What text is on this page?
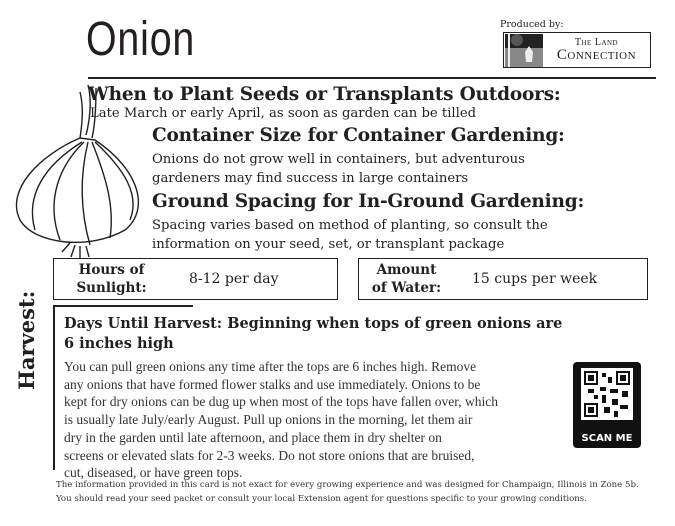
Onion	Produced by:
The Land
Connection
When to Plant Seeds or Transplants Outdoors:
Late March or early April, as soon as garden can be tilled
Container Size for Container Gardening:
Onions do not grow well in containers, but adventurous
gardeners may find success in large containers
Ground Spacing for In-Ground Gardening:
Spacing varies based on method of planting, so consult the
information on your seed, set, or transplant package
Hours of
Sunlight:
8-12 per day
Amount
of Water:
15 cups per week
Harvest: Days Until Harvest: Beginning when tops of green onions are
6 inches high
You can pull green onions any time after the tops are 6 inches high. Remove
any onions that have formed flower stalks and use immediately. Onions to be
kept for dry onions can be dug up when most of the tops have fallen over, which
is usually late July/early August. Pull up onions in the morning, let them air
dry in the garden until late afternoon, and place them in dry shelter on
screens or elevated slats for 2-3 weeks. Do not store onions that are bruised,
cut, diseased, or have green tops.
SCAN ME
The information provided in this card is not exact for every growing experience and was designed for Champaign, Illinois in Zone 5b.
You should read your seed packet or consult your local Extension agent for questions specific to your growing conditions.
